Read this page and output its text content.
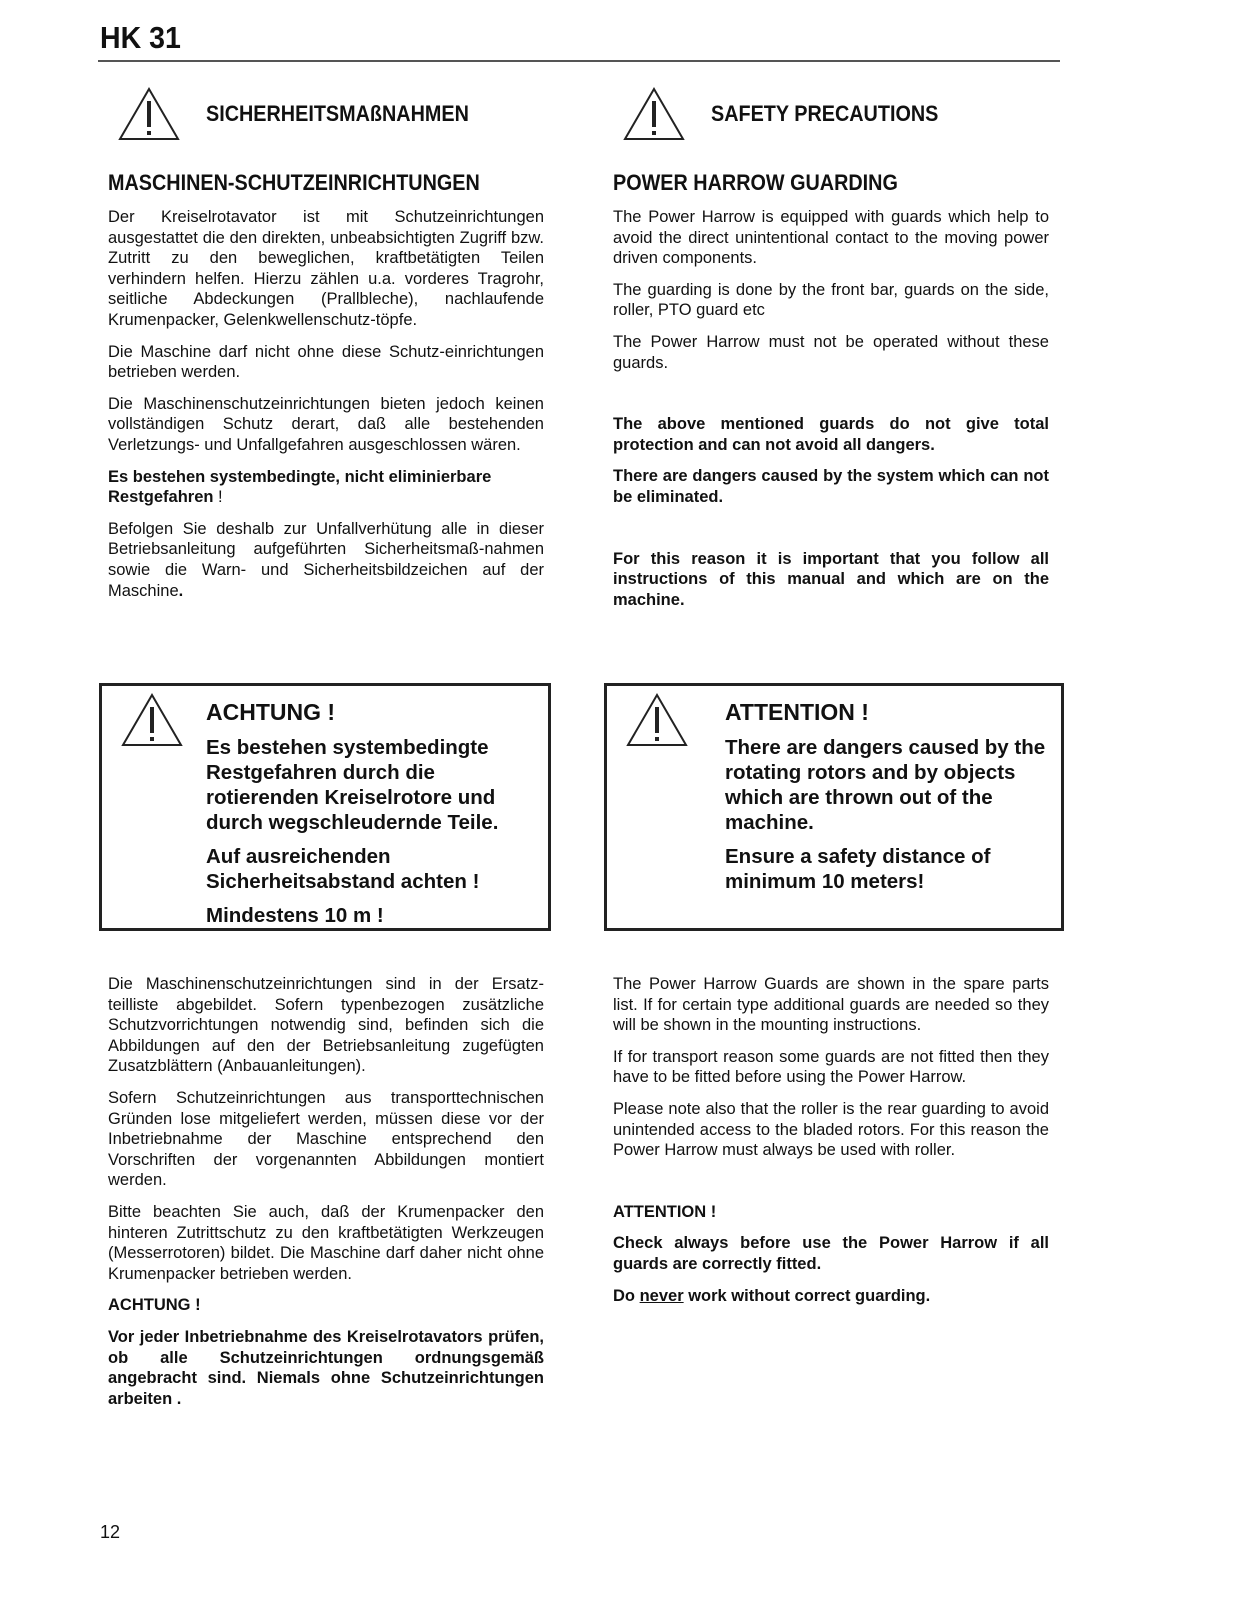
HK 31
SICHERHEITSMAßNAHMEN	SAFETY PRECAUTIONS
MASCHINEN-SCHUTZEINRICHTUNGEN	POWER HARROW GUARDING

Der Kreiselrotavator ist mit Schutzeinrichtungen ausgestattet die den direkten, unbeabsichtigten Zugriff bzw. Zutritt zu den beweglichen, kraftbetätigten Teilen verhindern helfen. Hierzu zählen u.a. vorderes Tragrohr, seitliche Abdeckungen (Prallbleche), nachlaufende Krumenpacker, Gelenkwellenschutz-töpfe.

Die Maschine darf nicht ohne diese Schutz-einrichtungen betrieben werden.

Die Maschinenschutzeinrichtungen bieten jedoch keinen vollständigen Schutz derart, daß alle bestehenden Verletzungs- und Unfallgefahren ausgeschlossen wären.

Es bestehen systembedingte, nicht eliminierbare Restgefahren !

Befolgen Sie deshalb zur Unfallverhütung alle in dieser Betriebsanleitung aufgeführten Sicherheitsmaß-nahmen sowie die Warn- und Sicherheitsbildzeichen auf der Maschine.

The Power Harrow is equipped with guards which help to avoid the direct unintentional contact to the moving power driven components.

The guarding is done by the front bar, guards on the side, roller, PTO guard etc

The Power Harrow must not be operated without these guards.

The above mentioned guards do not give total protection and can not avoid all dangers.

There are dangers caused by the system which can not be eliminated.

For this reason it is important that you follow all instructions of this manual and which are on the machine.

ACHTUNG !

Es bestehen systembedingte Restgefahren durch die rotierenden Kreiselrotore und durch wegschleudernde Teile.

Auf ausreichenden Sicherheitsabstand achten !

Mindestens 10 m !

ATTENTION !

There are dangers caused by the rotating rotors and by objects which are thrown out of the machine.

Ensure a safety distance of minimum 10 meters!

Die Maschinenschutzeinrichtungen sind in der Ersatz-teilliste abgebildet. Sofern typenbezogen zusätzliche Schutzvorrichtungen notwendig sind, befinden sich die Abbildungen auf den der Betriebsanleitung zugefügten Zusatzblättern (Anbauanleitungen).

Sofern Schutzeinrichtungen aus transporttechnischen Gründen lose mitgeliefert werden, müssen diese vor der Inbetriebnahme der Maschine entsprechend den Vorschriften der vorgenannten Abbildungen montiert werden.

Bitte beachten Sie auch, daß der Krumenpacker den hinteren Zutrittschutz zu den kraftbetätigten Werkzeugen (Messerrotoren) bildet. Die Maschine darf daher nicht ohne Krumenpacker betrieben werden.

ACHTUNG !

Vor jeder Inbetriebnahme des Kreiselrotavators prüfen, ob alle Schutzeinrichtungen ordnungsgemäß angebracht sind. Niemals ohne Schutzeinrichtungen arbeiten .

The Power Harrow Guards are shown in the spare parts list. If for certain type additional guards are needed so they will be shown in the mounting instructions.

If for transport reason some guards are not fitted then they have to be fitted before using the Power Harrow.

Please note also that the roller is the rear guarding to avoid unintended access to the bladed rotors. For this reason the Power Harrow must always be used with roller.

ATTENTION !

Check always before use the Power Harrow if all guards are correctly fitted.

Do never work without correct guarding.

12
